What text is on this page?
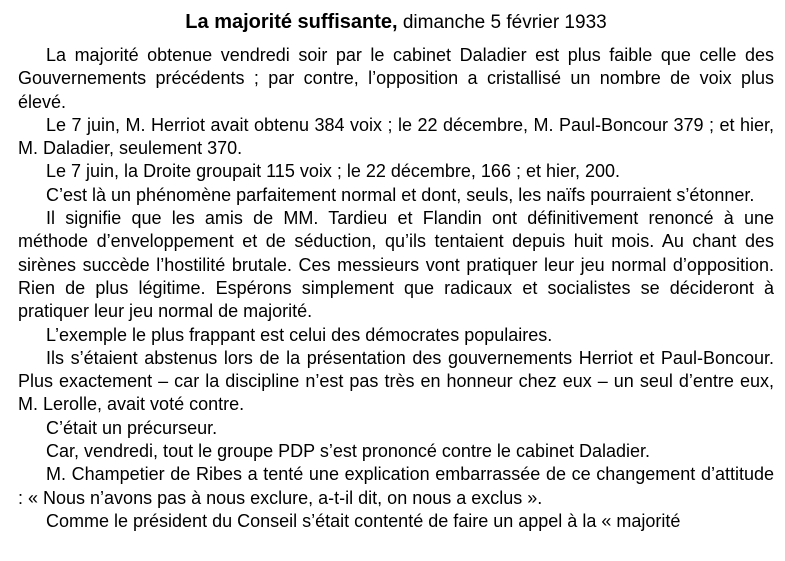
La majorité suffisante, dimanche 5 février 1933

La majorité obtenue vendredi soir par le cabinet Daladier est plus faible que celle des Gouvernements précédents ; par contre, l’opposition a cristallisé un nombre de voix plus élevé.

Le 7 juin, M. Herriot avait obtenu 384 voix ; le 22 décembre, M. Paul-Boncour 379 ; et hier, M. Daladier, seulement 370.

Le 7 juin, la Droite groupait 115 voix ; le 22 décembre, 166 ; et hier, 200.

C’est là un phénomène parfaitement normal et dont, seuls, les naïfs pourraient s’étonner.

Il signifie que les amis de MM. Tardieu et Flandin ont définitivement renoncé à une méthode d’enveloppement et de séduction, qu’ils tentaient depuis huit mois. Au chant des sirènes succède l’hostilité brutale. Ces messieurs vont pratiquer leur jeu normal d’opposition. Rien de plus légitime. Espérons simplement que radicaux et socialistes se décideront à pratiquer leur jeu normal de majorité.

L’exemple le plus frappant est celui des démocrates populaires.

Ils s’étaient abstenus lors de la présentation des gouvernements Herriot et Paul-Boncour. Plus exactement – car la discipline n’est pas très en honneur chez eux – un seul d’entre eux, M. Lerolle, avait voté contre.

C’était un précurseur.

Car, vendredi, tout le groupe PDP s’est prononcé contre le cabinet Daladier.

M. Champetier de Ribes a tenté une explication embarrassée de ce changement d’attitude : « Nous n’avons pas à nous exclure, a-t-il dit, on nous a exclus ».

Comme le président du Conseil s’était contenté de faire un appel à la « majorité
